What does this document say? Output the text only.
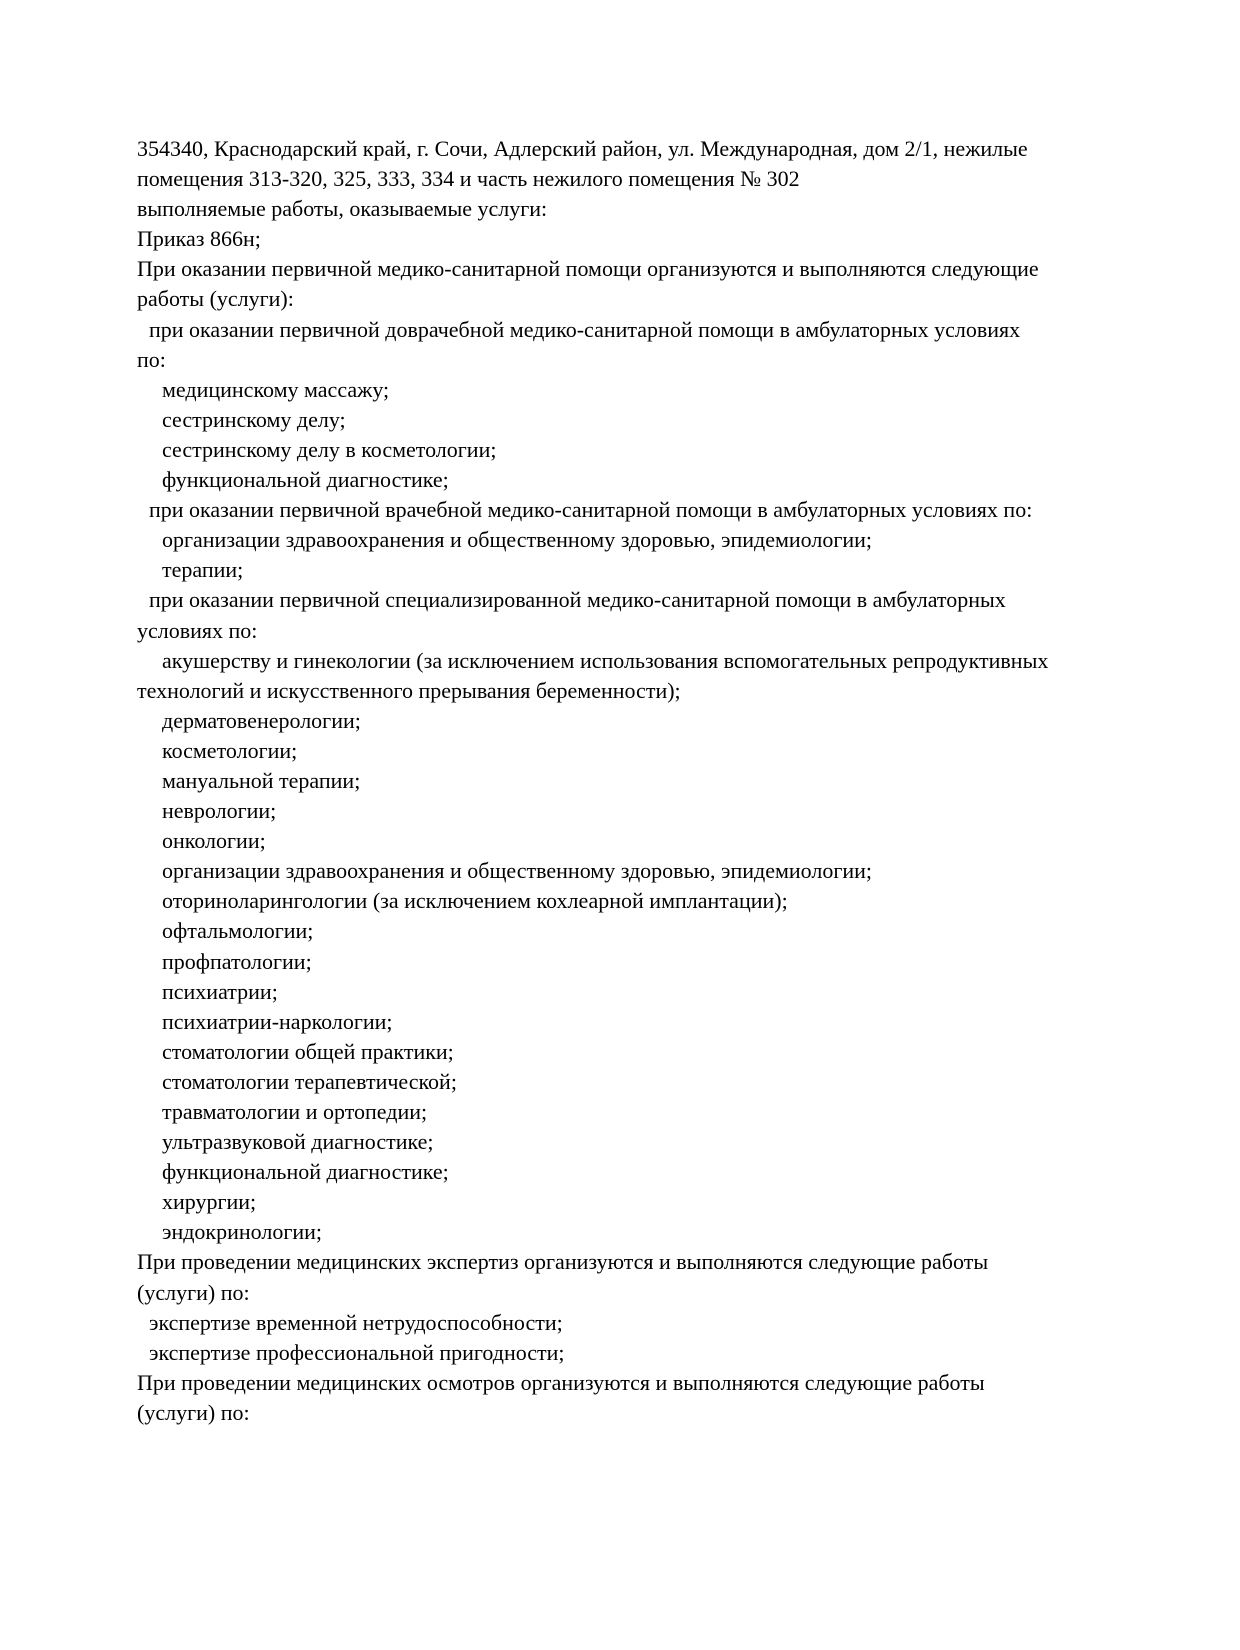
354340, Краснодарский край, г. Сочи, Адлерский район, ул. Международная, дом 2/1, нежилые
помещения 313-320, 325, 333, 334 и часть нежилого помещения № 302
выполняемые работы, оказываемые услуги:
Приказ 866н;
При оказании первичной медико-санитарной помощи организуются и выполняются следующие
работы (услуги):
при оказании первичной доврачебной медико-санитарной помощи в амбулаторных условиях
по:
медицинскому массажу;
сестринскому делу;
сестринскому делу в косметологии;
функциональной диагностике;
при оказании первичной врачебной медико-санитарной помощи в амбулаторных условиях по:
организации здравоохранения и общественному здоровью, эпидемиологии;
терапии;
при оказании первичной специализированной медико-санитарной помощи в амбулаторных
условиях по:
акушерству и гинекологии (за исключением использования вспомогательных репродуктивных
технологий и искусственного прерывания беременности);
дерматовенерологии;
косметологии;
мануальной терапии;
неврологии;
онкологии;
организации здравоохранения и общественному здоровью, эпидемиологии;
оториноларингологии (за исключением кохлеарной имплантации);
офтальмологии;
профпатологии;
психиатрии;
психиатрии-наркологии;
стоматологии общей практики;
стоматологии терапевтической;
травматологии и ортопедии;
ультразвуковой диагностике;
функциональной диагностике;
хирургии;
эндокринологии;
При проведении медицинских экспертиз организуются и выполняются следующие работы
(услуги) по:
экспертизе временной нетрудоспособности;
экспертизе профессиональной пригодности;
При проведении медицинских осмотров организуются и выполняются следующие работы
(услуги) по:
